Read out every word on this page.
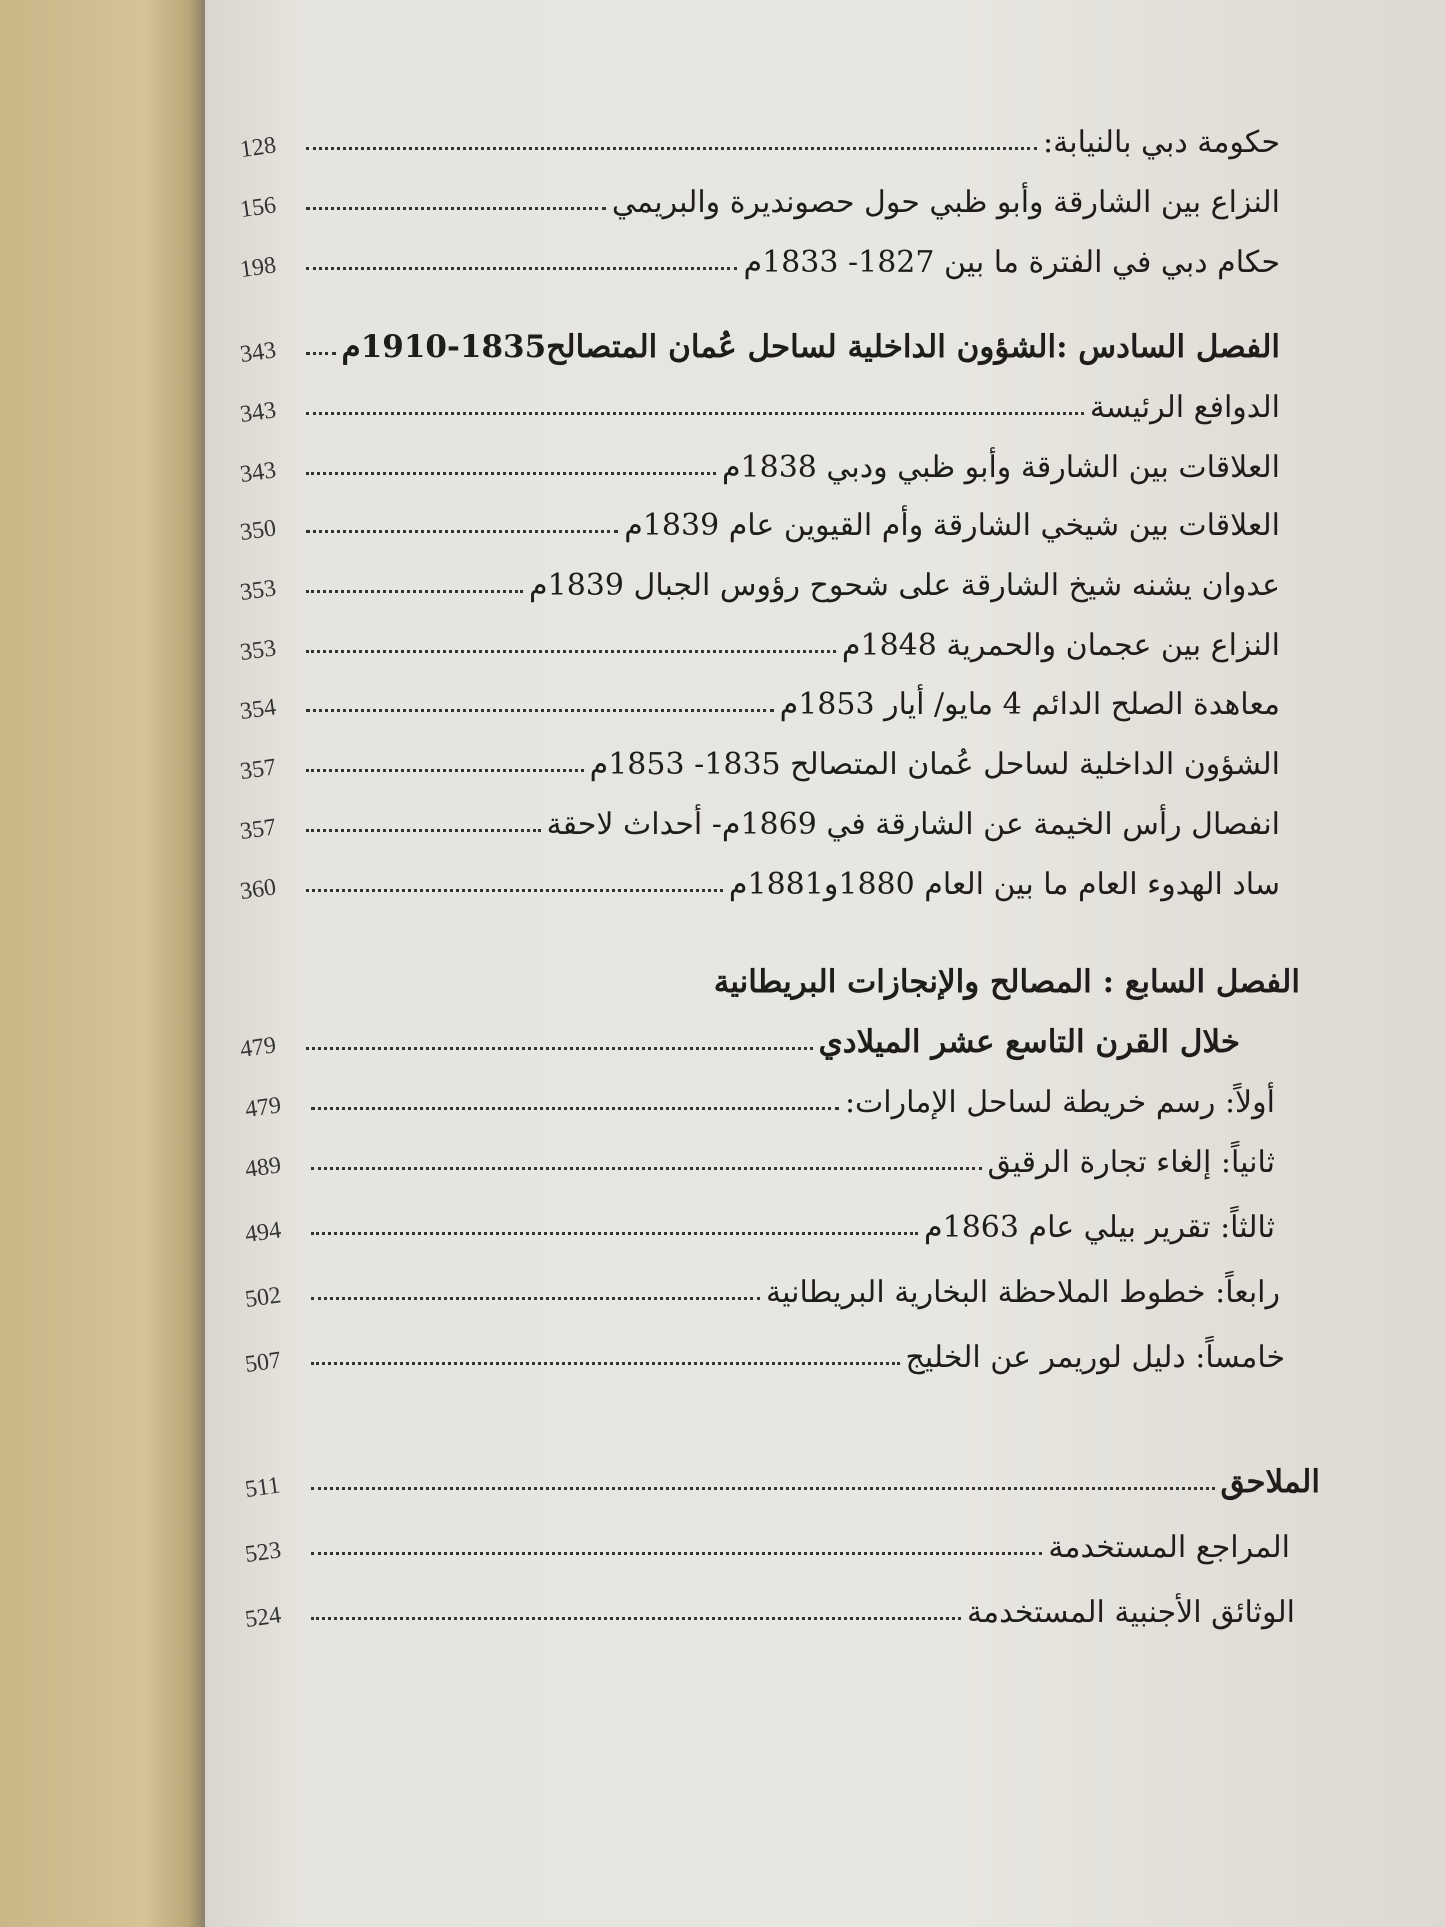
128	حكومة دبي بالنيابة:
156	النزاع بين الشارقة وأبو ظبي حول حصونديرة والبريمي
198	حكام دبي في الفترة ما بين 1827- 1833م
343	الفصل السادس :الشؤون الداخلية لساحل عُمان المتصالح1835-1910م
343	الدوافع الرئيسة
343	العلاقات بين الشارقة وأبو ظبي ودبي 1838م
350	العلاقات بين شيخي الشارقة وأم القيوين عام 1839م
353	عدوان يشنه شيخ الشارقة على شحوح رؤوس الجبال 1839م
353	النزاع بين عجمان والحمرية 1848م
354	معاهدة الصلح الدائم 4 مايو/ أيار 1853م
357	الشؤون الداخلية لساحل عُمان المتصالح 1835- 1853م
357	انفصال رأس الخيمة عن الشارقة في 1869م- أحداث لاحقة
360	ساد الهدوء العام ما بين العام 1880و1881م
الفصل السابع : المصالح والإنجازات البريطانية
479	خلال القرن التاسع عشر الميلادي
479	أولاً: رسم خريطة لساحل الإمارات:
489	ثانياً: إلغاء تجارة الرقيق
494	ثالثاً: تقرير بيلي عام 1863م
502	رابعاً: خطوط الملاحظة البخارية البريطانية
507	خامساً: دليل لوريمر عن الخليج
511	الملاحق
523	المراجع المستخدمة
524	الوثائق الأجنبية المستخدمة
